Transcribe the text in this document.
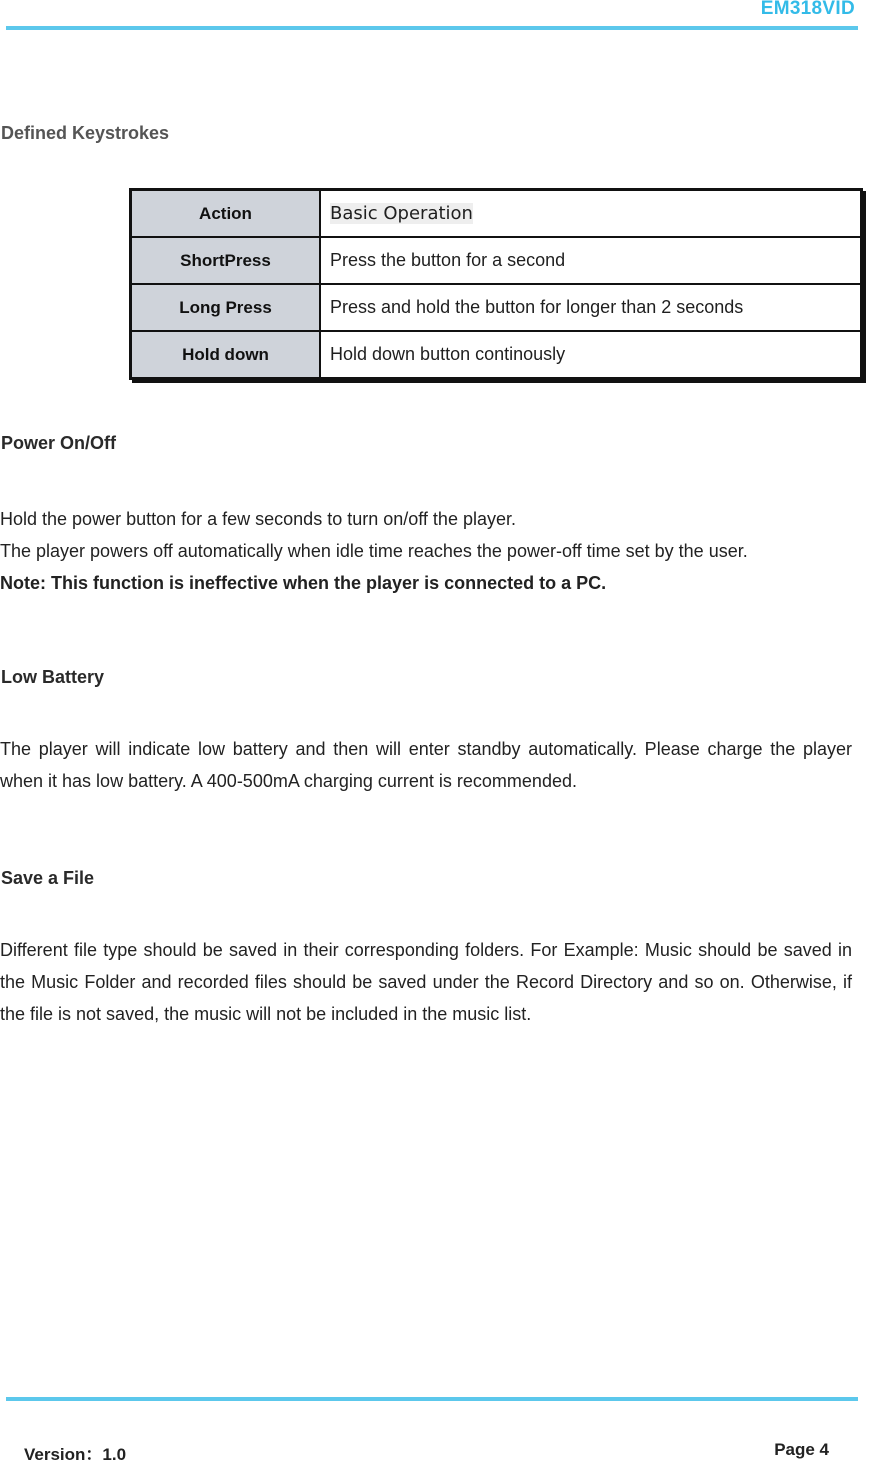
EM318VID
Defined Keystrokes
Action	Basic Operation
ShortPress	Press the button for a second
Long Press	Press and hold the button for longer than 2 seconds
Hold down	Hold down button continously
Power On/Off

Hold the power button for a few seconds to turn on/off the player.
The player powers off automatically when idle time reaches the power-off time set by the user.
Note: This function is ineffective when the player is connected to a PC.

Low Battery

The player will indicate low battery and then will enter standby automatically. Please charge the player when it has low battery. A 400-500mA charging current is recommended.

Save a File

Different file type should be saved in their corresponding folders. For Example: Music should be saved in the Music Folder and recorded files should be saved under the Record Directory and so on. Otherwise, if the file is not saved, the music will not be included in the music list.

Version：1.0	Page 4
